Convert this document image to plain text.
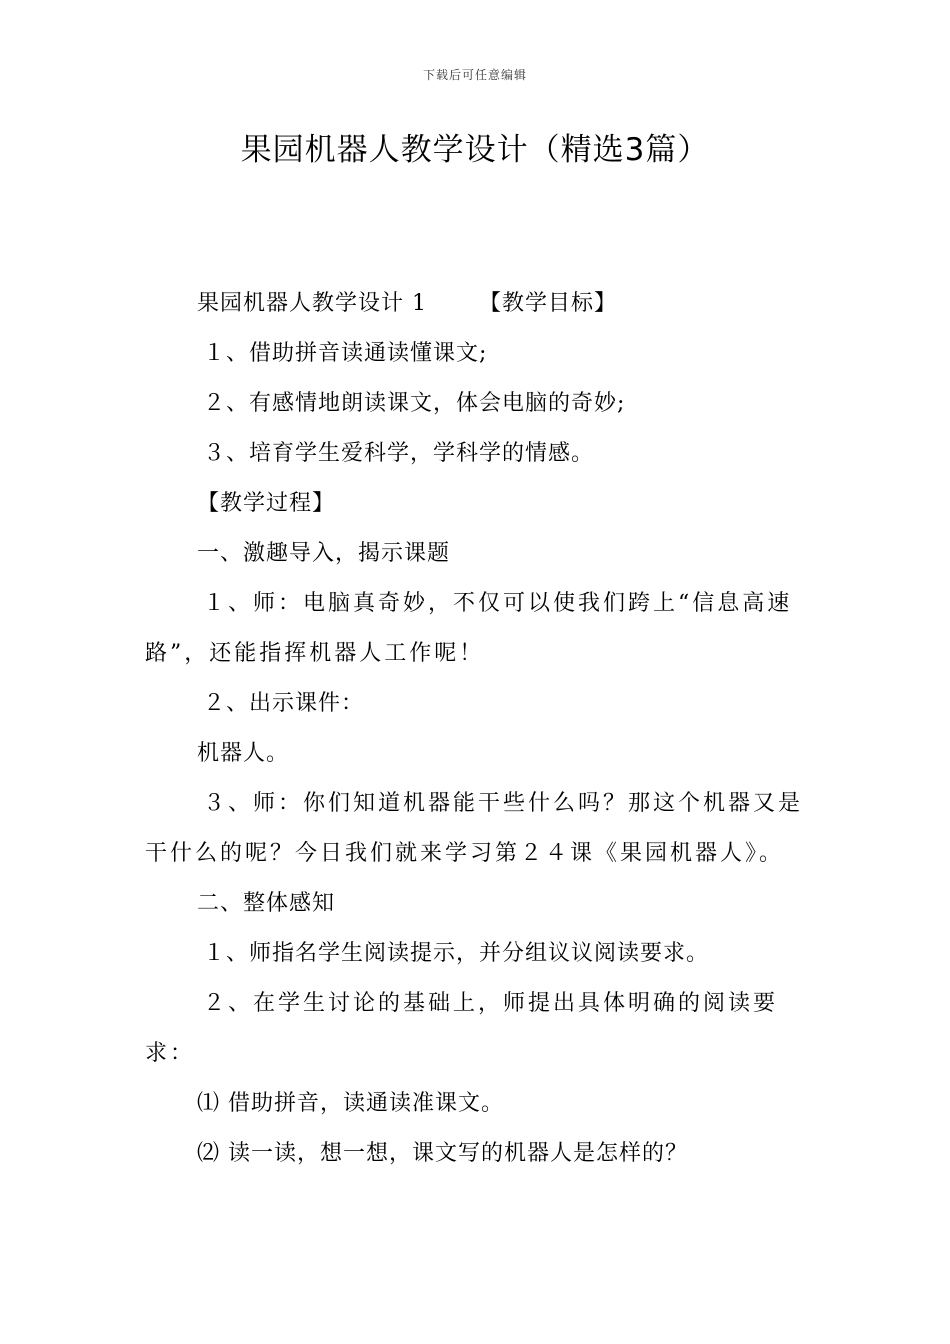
下载后可任意编辑
果园机器人教学设计（精选3篇）

果园机器人教学设计 1 【教学目标】

１、借助拼音读通读懂课文;

２、有感情地朗读课文，体会电脑的奇妙;

３、培育学生爱科学，学科学的情感。

【教学过程】

一、激趣导入，揭示课题

１、师：电脑真奇妙，不仅可以使我们跨上“信息高速路”，还能指挥机器人工作呢！

２、出示课件：

机器人。

３、师：你们知道机器能干些什么吗？那这个机器又是干什么的呢？今日我们就来学习第２４课《果园机器人》。

二、整体感知

１、师指名学生阅读提示，并分组议议阅读要求。

２、在学生讨论的基础上，师提出具体明确的阅读要求：

⑴ 借助拼音，读通读准课文。

⑵ 读一读，想一想，课文写的机器人是怎样的？
